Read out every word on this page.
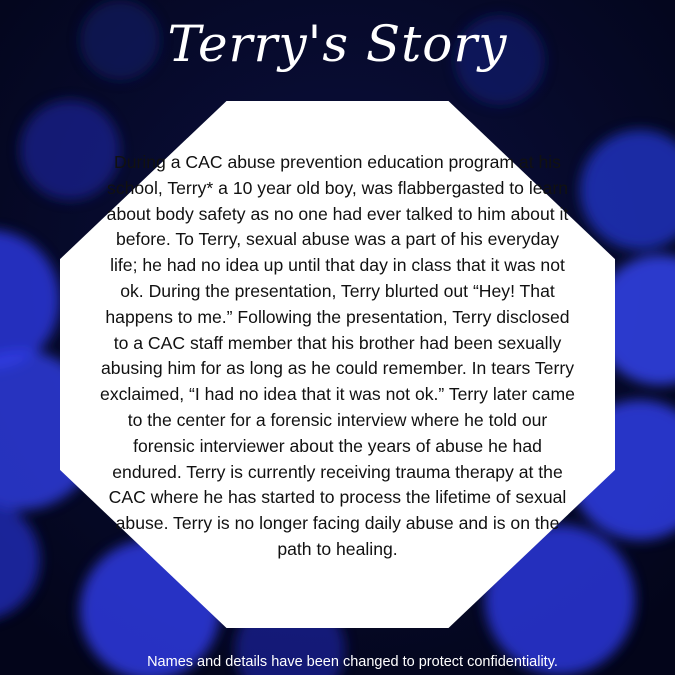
Terry's Story

During a CAC abuse prevention education program at his school, Terry* a 10 year old boy, was flabbergasted to learn about body safety as no one had ever talked to him about it before. To Terry, sexual abuse was a part of his everyday life; he had no idea up until that day in class that it was not ok. During the presentation, Terry blurted out “Hey! That happens to me.” Following the presentation, Terry disclosed to a CAC staff member that his brother had been sexually abusing him for as long as he could remember. In tears Terry exclaimed, “I had no idea that it was not ok.” Terry later came to the center for a forensic interview where he told our forensic interviewer about the years of abuse he had endured. Terry is currently receiving trauma therapy at the CAC where he has started to process the lifetime of sexual abuse. Terry is no longer facing daily abuse and is on the path to healing.

Names and details have been changed to protect confidentiality.
